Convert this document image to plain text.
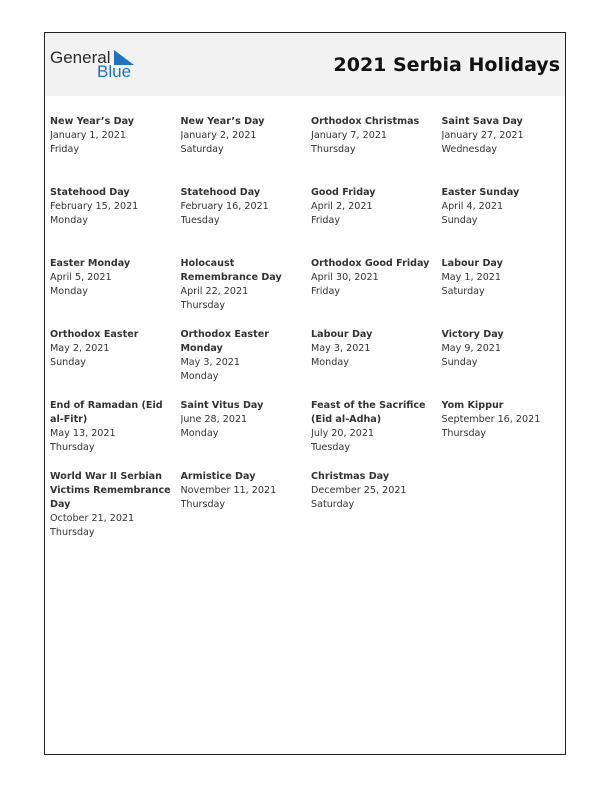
General
Blue	2021 Serbia Holidays
New Year’s Day
January 1, 2021
Friday
New Year’s Day
January 2, 2021
Saturday
Orthodox Christmas
January 7, 2021
Thursday
Saint Sava Day
January 27, 2021
Wednesday
Statehood Day
February 15, 2021
Monday
Statehood Day
February 16, 2021
Tuesday
Good Friday
April 2, 2021
Friday
Easter Sunday
April 4, 2021
Sunday
Easter Monday
April 5, 2021
Monday
Holocaust Remembrance Day
April 22, 2021
Thursday
Orthodox Good Friday
April 30, 2021
Friday
Labour Day
May 1, 2021
Saturday
Orthodox Easter
May 2, 2021
Sunday
Orthodox Easter Monday
May 3, 2021
Monday
Labour Day
May 3, 2021
Monday
Victory Day
May 9, 2021
Sunday
End of Ramadan (Eid al-Fitr)
May 13, 2021
Thursday
Saint Vitus Day
June 28, 2021
Monday
Feast of the Sacrifice (Eid al-Adha)
July 20, 2021
Tuesday
Yom Kippur
September 16, 2021
Thursday
World War II Serbian Victims Remembrance Day
October 21, 2021
Thursday
Armistice Day
November 11, 2021
Thursday
Christmas Day
December 25, 2021
Saturday
